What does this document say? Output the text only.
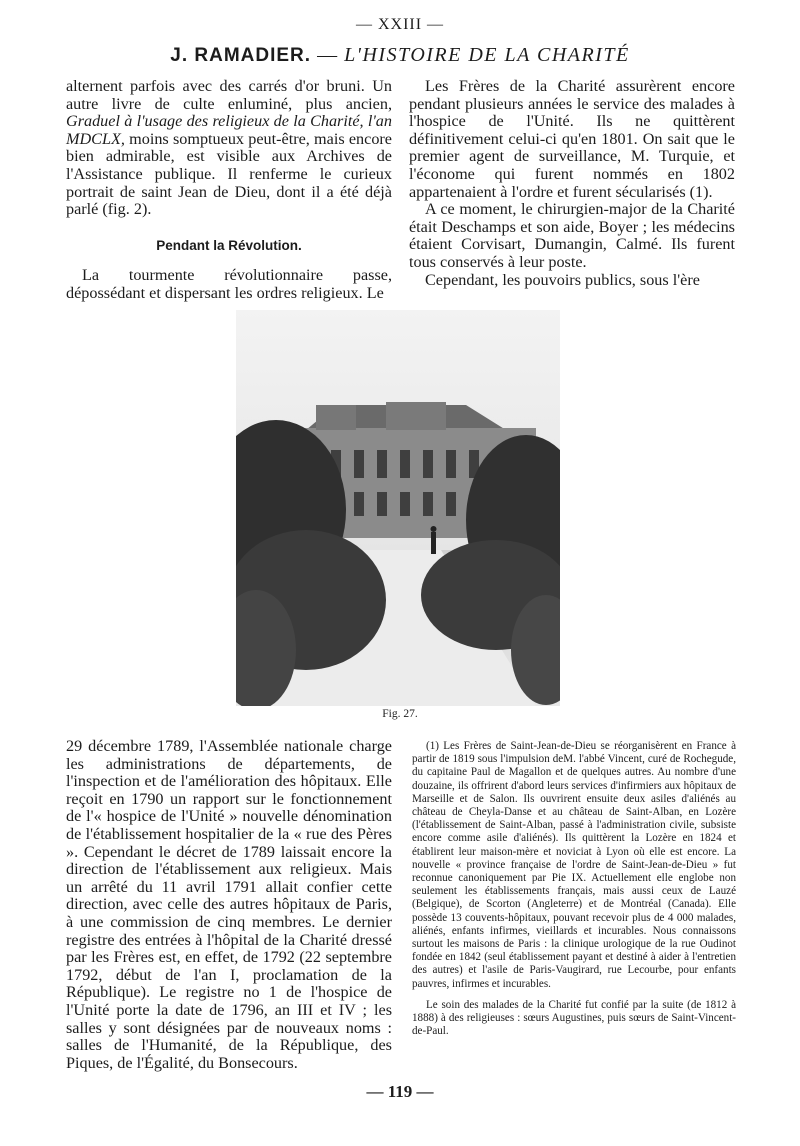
— XXIII —
J. RAMADIER. — L'HISTOIRE DE LA CHARITÉ

alternent parfois avec des carrés d'or bruni. Un autre livre de culte enluminé, plus ancien, Graduel à l'usage des religieux de la Charité, l'an MDCLX, moins somptueux peut-être, mais encore bien admirable, est visible aux Archives de l'Assistance publique. Il renferme le curieux portrait de saint Jean de Dieu, dont il a été déjà parlé (fig. 2).

Pendant la Révolution.

La tourmente révolutionnaire passe, dépossédant et dispersant les ordres religieux. Le

Les Frères de la Charité assurèrent encore pendant plusieurs années le service des malades à l'hospice de l'Unité. Ils ne quittèrent définitivement celui-ci qu'en 1801. On sait que le premier agent de surveillance, M. Turquie, et l'économe qui furent nommés en 1802 appartenaient à l'ordre et furent sécularisés (1).

A ce moment, le chirurgien-major de la Charité était Deschamps et son aide, Boyer ; les médecins étaient Corvisart, Dumangin, Calmé. Ils furent tous conservés à leur poste.

Cependant, les pouvoirs publics, sous l'ère

Fig. 27.

29 décembre 1789, l'Assemblée nationale charge les administrations de départements, de l'inspection et de l'amélioration des hôpitaux. Elle reçoit en 1790 un rapport sur le fonctionnement de l'« hospice de l'Unité » nouvelle dénomination de l'établissement hospitalier de la « rue des Pères ». Cependant le décret de 1789 laissait encore la direction de l'établissement aux religieux. Mais un arrêté du 11 avril 1791 allait confier cette direction, avec celle des autres hôpitaux de Paris, à une commission de cinq membres. Le dernier registre des entrées à l'hôpital de la Charité dressé par les Frères est, en effet, de 1792 (22 septembre 1792, début de l'an I, proclamation de la République). Le registre no 1 de l'hospice de l'Unité porte la date de 1796, an III et IV ; les salles y sont désignées par de nouveaux noms : salles de l'Humanité, de la République, des Piques, de l'Égalité, du Bonsecours.

(1) Les Frères de Saint-Jean-de-Dieu se réorganisèrent en France à partir de 1819 sous l'impulsion deM. l'abbé Vincent, curé de Rochegude, du capitaine Paul de Magallon et de quelques autres. Au nombre d'une douzaine, ils offrirent d'abord leurs services d'infirmiers aux hôpitaux de Marseille et de Salon. Ils ouvrirent ensuite deux asiles d'aliénés au château de Cheyla-Danse et au château de Saint-Alban, en Lozère (l'établissement de Saint-Alban, passé à l'administration civile, subsiste encore comme asile d'aliénés). Ils quittèrent la Lozère en 1824 et établirent leur maison-mère et noviciat à Lyon où elle est encore. La nouvelle « province française de l'ordre de Saint-Jean-de-Dieu » fut reconnue canoniquement par Pie IX. Actuellement elle englobe non seulement les établissements français, mais aussi ceux de Lauzé (Belgique), de Scorton (Angleterre) et de Montréal (Canada). Elle possède 13 couvents-hôpitaux, pouvant recevoir plus de 4 000 malades, aliénés, enfants infirmes, vieillards et incurables. Nous connaissons surtout les maisons de Paris : la clinique urologique de la rue Oudinot fondée en 1842 (seul établissement payant et destiné à aider à l'entretien des autres) et l'asile de Paris-Vaugirard, rue Lecourbe, pour enfants pauvres, infirmes et incurables.

Le soin des malades de la Charité fut confié par la suite (de 1812 à 1888) à des religieuses : sœurs Augustines, puis sœurs de Saint-Vincent-de-Paul.

— 119 —
